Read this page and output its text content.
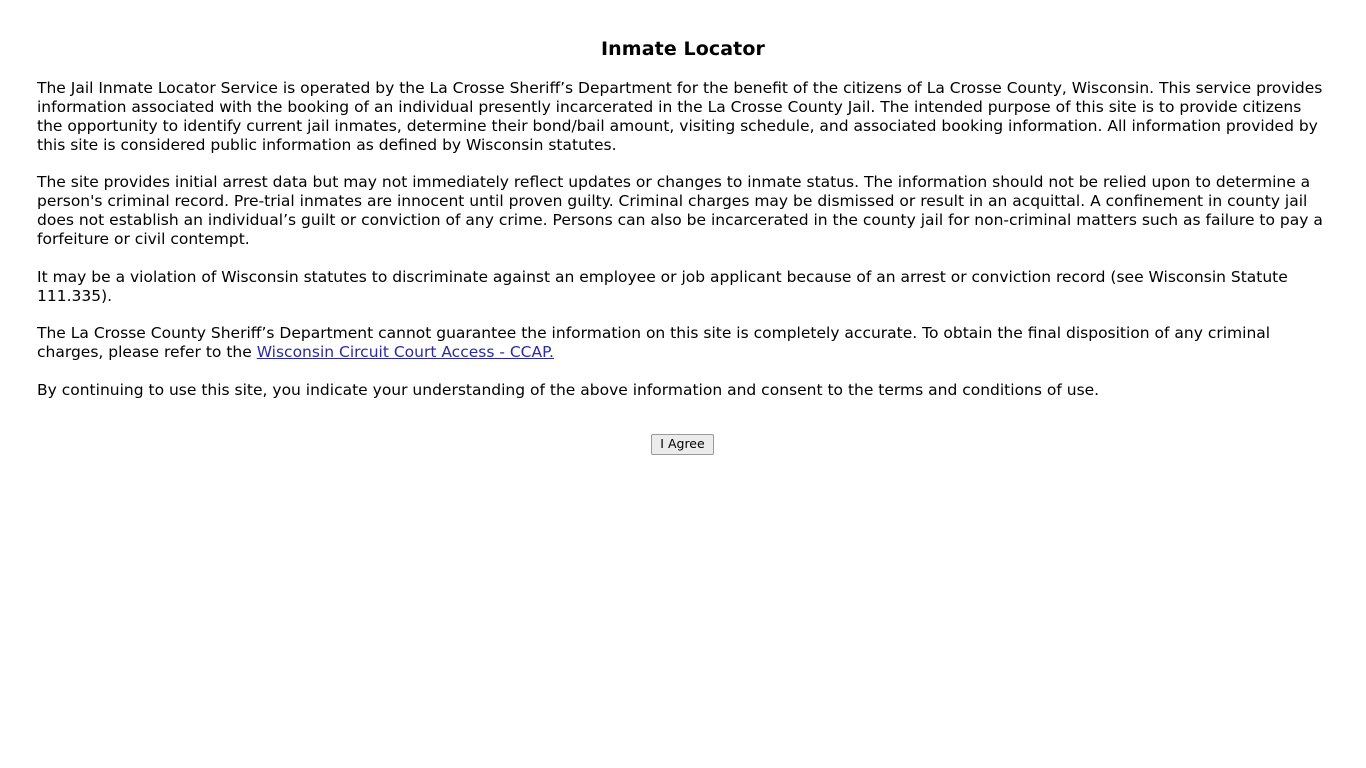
Inmate Locator

The Jail Inmate Locator Service is operated by the La Crosse Sheriff’s Department for the benefit of the citizens of La Crosse County, Wisconsin. This service provides information associated with the booking of an individual presently incarcerated in the La Crosse County Jail. The intended purpose of this site is to provide citizens the opportunity to identify current jail inmates, determine their bond/bail amount, visiting schedule, and associated booking information. All information provided by this site is considered public information as defined by Wisconsin statutes.

The site provides initial arrest data but may not immediately reflect updates or changes to inmate status. The information should not be relied upon to determine a person's criminal record. Pre-trial inmates are innocent until proven guilty. Criminal charges may be dismissed or result in an acquittal. A confinement in county jail does not establish an individual’s guilt or conviction of any crime. Persons can also be incarcerated in the county jail for non-criminal matters such as failure to pay a forfeiture or civil contempt.

It may be a violation of Wisconsin statutes to discriminate against an employee or job applicant because of an arrest or conviction record (see Wisconsin Statute 111.335).

The La Crosse County Sheriff’s Department cannot guarantee the information on this site is completely accurate. To obtain the final disposition of any criminal charges, please refer to the Wisconsin Circuit Court Access - CCAP.

By continuing to use this site, you indicate your understanding of the above information and consent to the terms and conditions of use.

I Agree
